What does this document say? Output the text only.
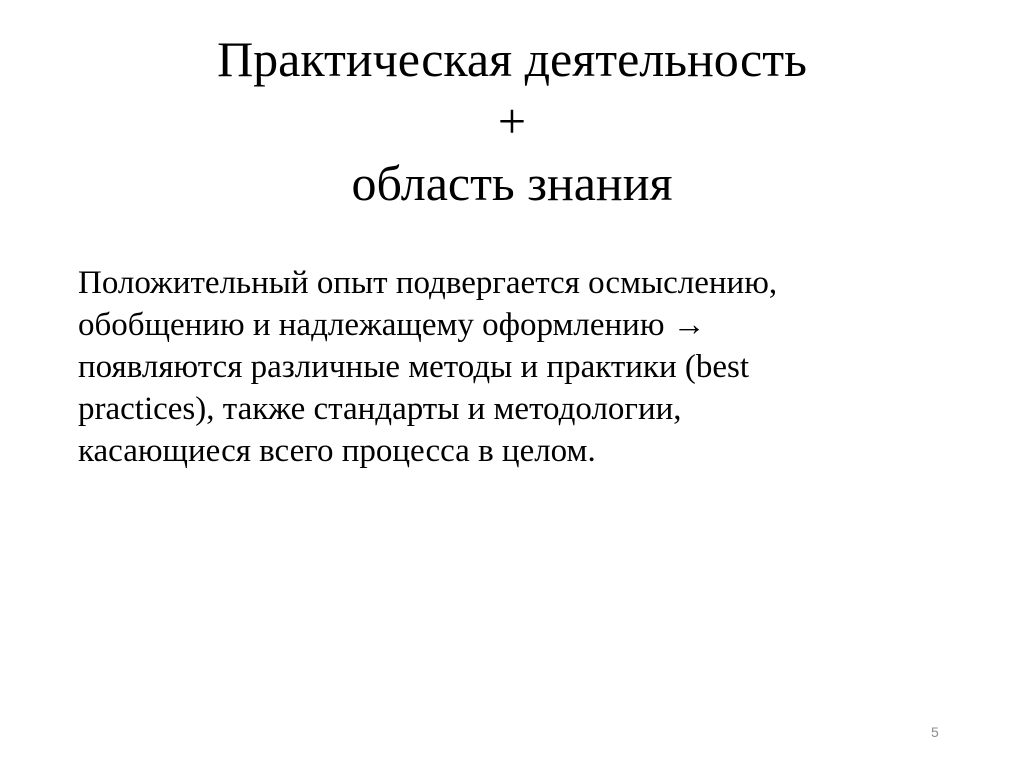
Практическая деятельность
+
область знания
Положительный опыт подвергается осмыслению,
обобщению и надлежащему оформлению →
появляются различные методы и практики (best
practices), также стандарты и методологии,
касающиеся всего процесса в целом.
5
